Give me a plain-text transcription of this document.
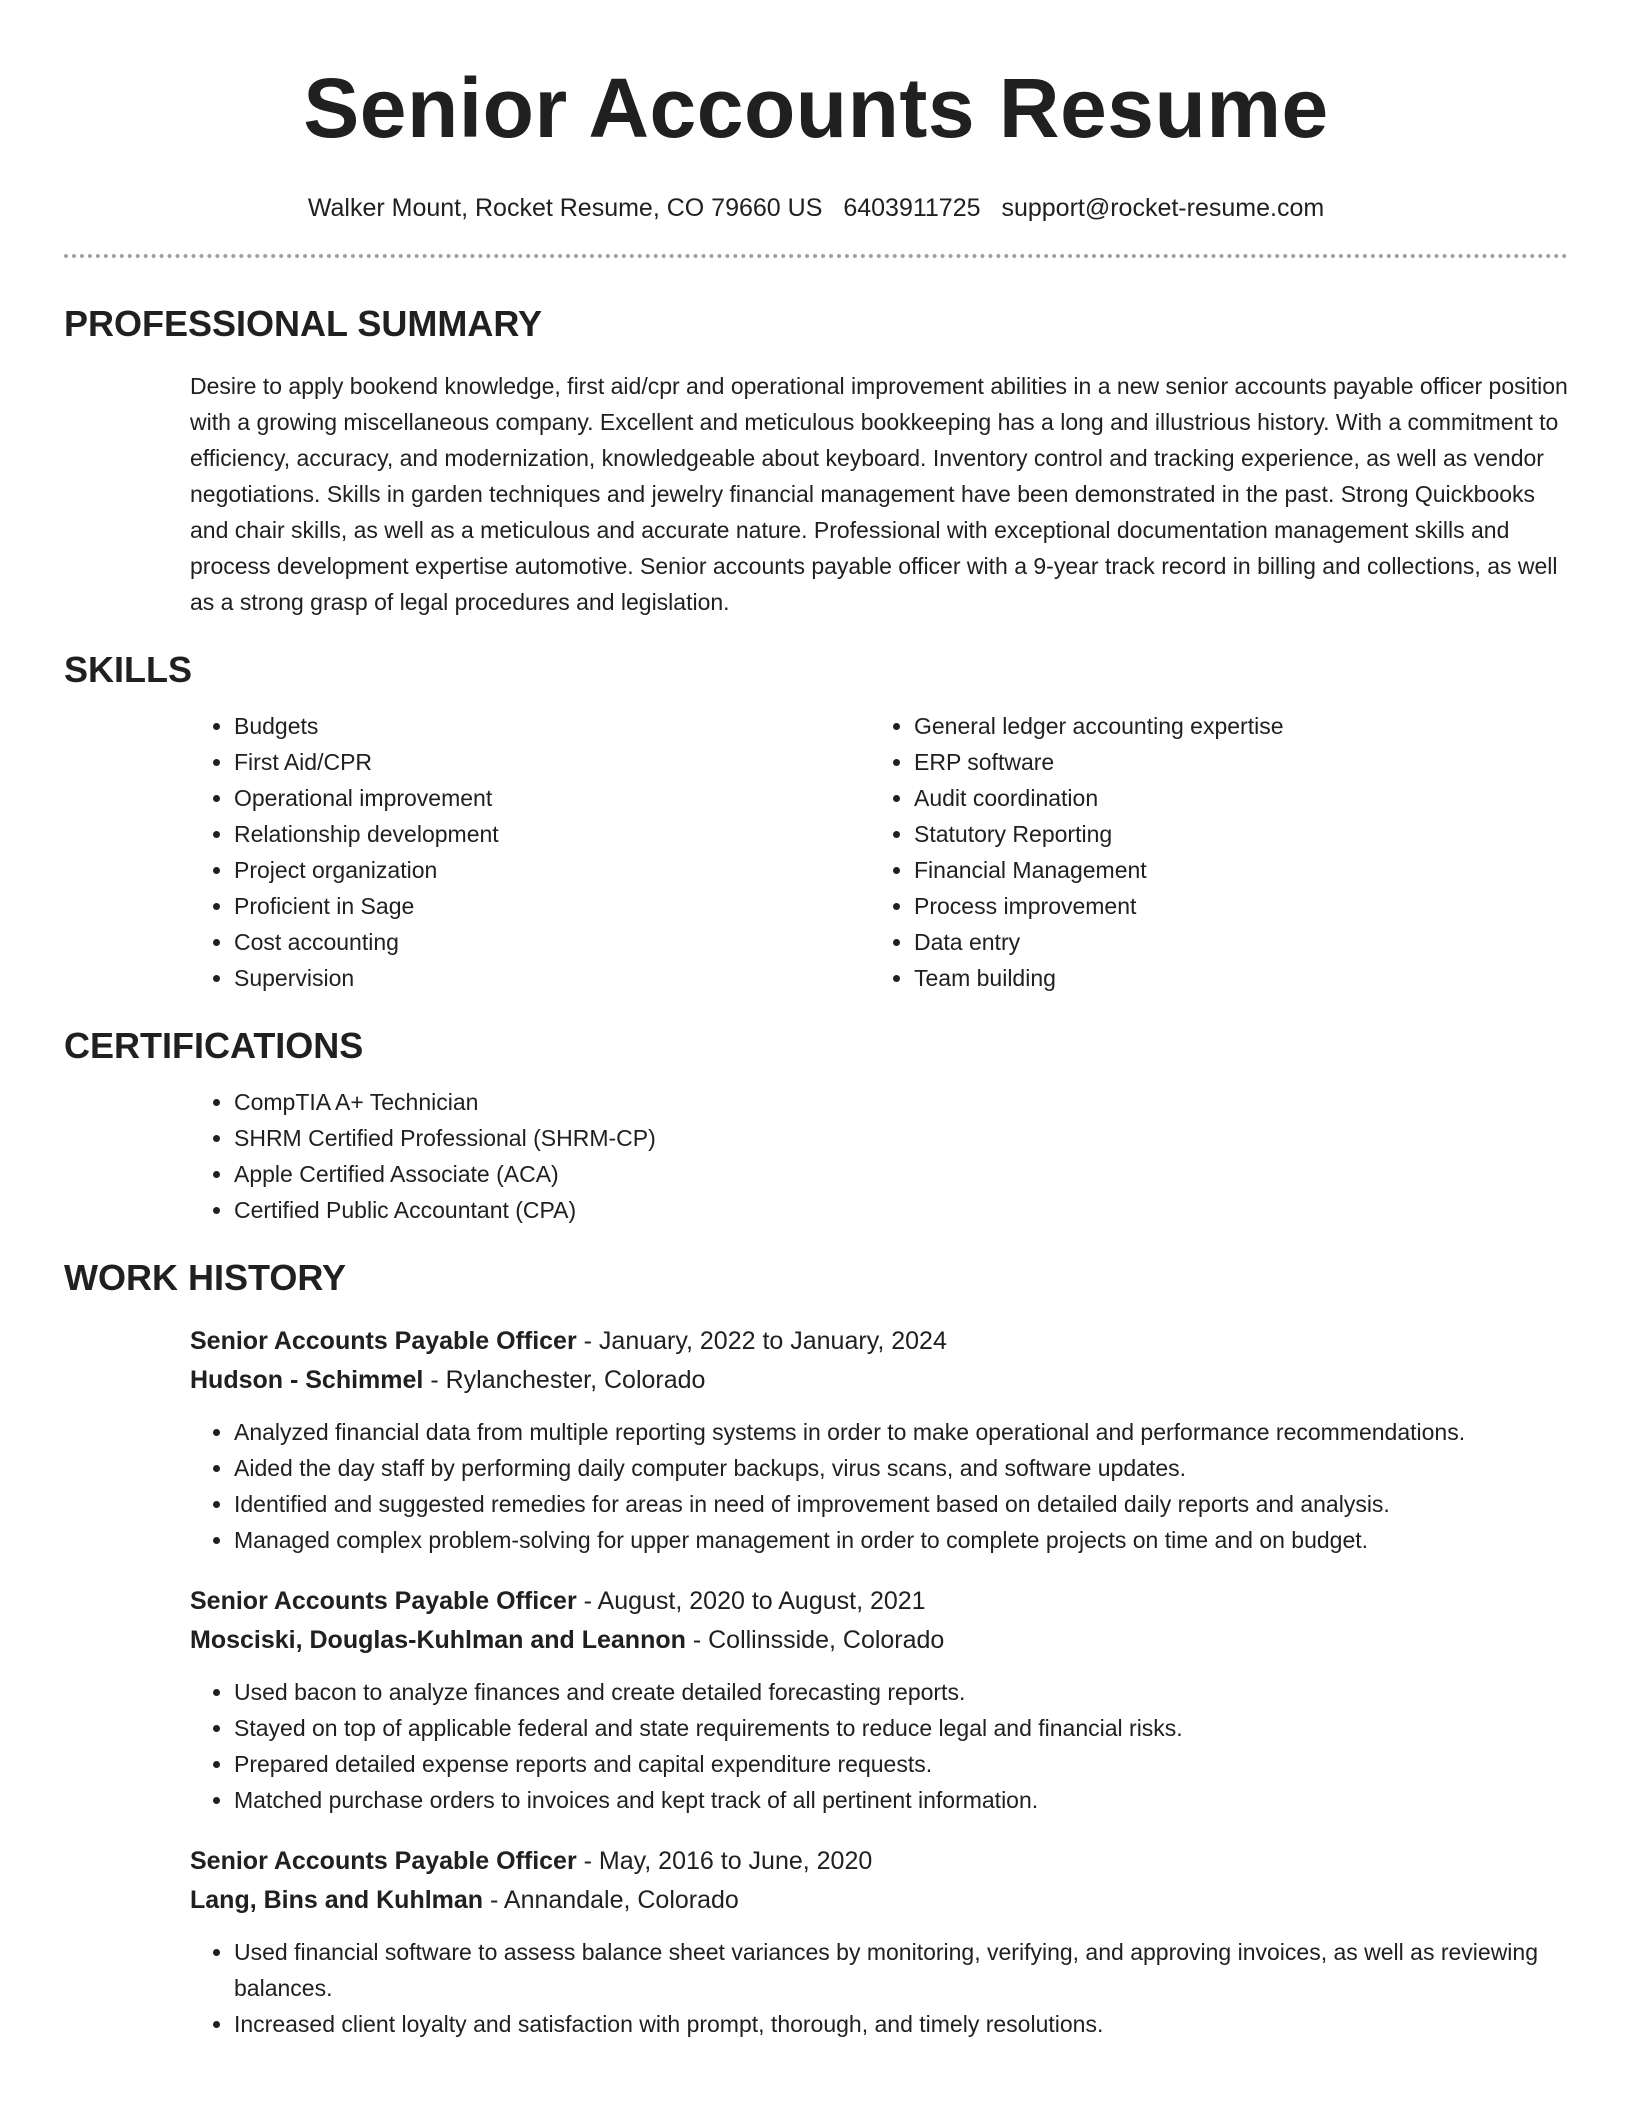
Senior Accounts Resume
Walker Mount, Rocket Resume, CO 79660 US 6403911725 support@rocket-resume.com
PROFESSIONAL SUMMARY

Desire to apply bookend knowledge, first aid/cpr and operational improvement abilities in a new senior accounts payable officer position with a growing miscellaneous company. Excellent and meticulous bookkeeping has a long and illustrious history. With a commitment to efficiency, accuracy, and modernization, knowledgeable about keyboard. Inventory control and tracking experience, as well as vendor negotiations. Skills in garden techniques and jewelry financial management have been demonstrated in the past. Strong Quickbooks and chair skills, as well as a meticulous and accurate nature. Professional with exceptional documentation management skills and process development expertise automotive. Senior accounts payable officer with a 9-year track record in billing and collections, as well as a strong grasp of legal procedures and legislation.

SKILLS
• Budgets
• First Aid/CPR
• Operational improvement
• Relationship development
• Project organization
• Proficient in Sage
• Cost accounting
• Supervision
• General ledger accounting expertise
• ERP software
• Audit coordination
• Statutory Reporting
• Financial Management
• Process improvement
• Data entry
• Team building
CERTIFICATIONS
• CompTIA A+ Technician
• SHRM Certified Professional (SHRM-CP)
• Apple Certified Associate (ACA)
• Certified Public Accountant (CPA)
WORK HISTORY
Senior Accounts Payable Officer - January, 2022 to January, 2024
Hudson - Schimmel - Rylanchester, Colorado
• Analyzed financial data from multiple reporting systems in order to make operational and performance recommendations.
• Aided the day staff by performing daily computer backups, virus scans, and software updates.
• Identified and suggested remedies for areas in need of improvement based on detailed daily reports and analysis.
• Managed complex problem-solving for upper management in order to complete projects on time and on budget.
Senior Accounts Payable Officer - August, 2020 to August, 2021
Mosciski, Douglas-Kuhlman and Leannon - Collinsside, Colorado
• Used bacon to analyze finances and create detailed forecasting reports.
• Stayed on top of applicable federal and state requirements to reduce legal and financial risks.
• Prepared detailed expense reports and capital expenditure requests.
• Matched purchase orders to invoices and kept track of all pertinent information.
Senior Accounts Payable Officer - May, 2016 to June, 2020
Lang, Bins and Kuhlman - Annandale, Colorado
• Used financial software to assess balance sheet variances by monitoring, verifying, and approving invoices, as well as reviewing balances.
• Increased client loyalty and satisfaction with prompt, thorough, and timely resolutions.
